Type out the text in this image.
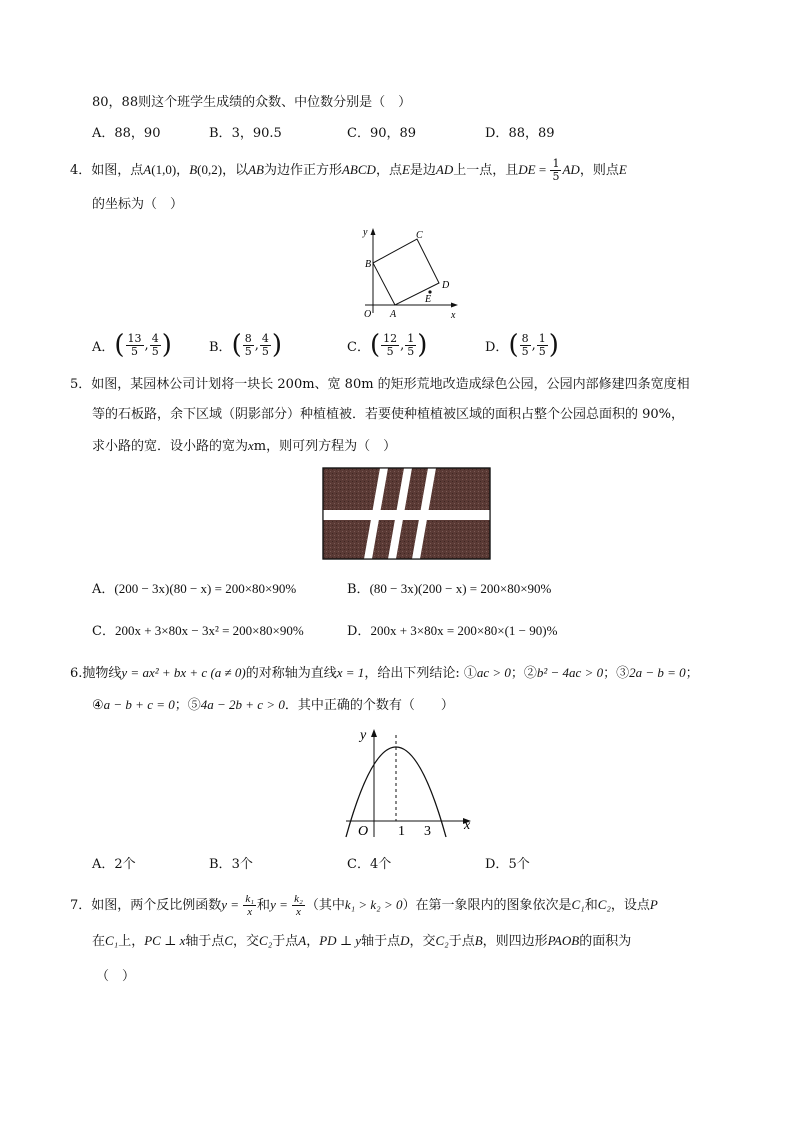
80，88则这个班学生成绩的众数、中位数分别是（　）
A．88，90	B．3，90.5	C．90，89	D．88，89
4．如图，点A(1,0)，B(0,2)，以AB为边作正方形ABCD，点E是边AD上一点，且DE = $\frac{1}{5}$ AD，则点E
的坐标为（　）
y
x
O A
B
C
D
E
A． ( $\frac{13}{5}$ , $\frac{4}{5}$ )	B． ( $\frac{8}{5}$ , $\frac{4}{5}$ )	C． ( $\frac{12}{5}$ , $\frac{1}{5}$ )	D． ( $\frac{8}{5}$ , $\frac{1}{5}$ )
5．如图，某园林公司计划将一块长 200m、宽 80m 的矩形荒地改造成绿色公园，公园内部修建四条宽度相
等的石板路，余下区域（阴影部分）种植植被．若要使种植植被区域的面积占整个公园总面积的 90%，
求小路的宽．设小路的宽为xm，则可列方程为（　）
A．(200 − 3x)(80 − x) = 200×80×90%	B．(80 − 3x)(200 − x) = 200×80×90%
C．200x + 3×80x − 3x² = 200×80×90%	D．200x + 3×80x = 200×80×(1 − 90)%
6.抛物线y = ax² + bx + c (a ≠ 0)的对称轴为直线x = 1，给出下列结论: ①ac > 0；②b² − 4ac > 0；③2a − b = 0；
④a − b + c = 0；⑤4a − 2b + c > 0．其中正确的个数有（　　）
y
x
O 1 3
A．2个	B．3个	C．4个	D．5个
7．如图，两个反比例函数$y = \frac{\text{k₁}}{x}$ 和$y = \frac{\text{k₂}}{x}$ （其中k₁ > k₂ > 0）在第一象限内的图象依次是C₁和C₂，设点P
在C₁上，PC ⊥ x轴于点C，交C₂于点A，PD ⊥ y轴于点D，交C₂于点B，则四边形PAOB的面积为
（　）
